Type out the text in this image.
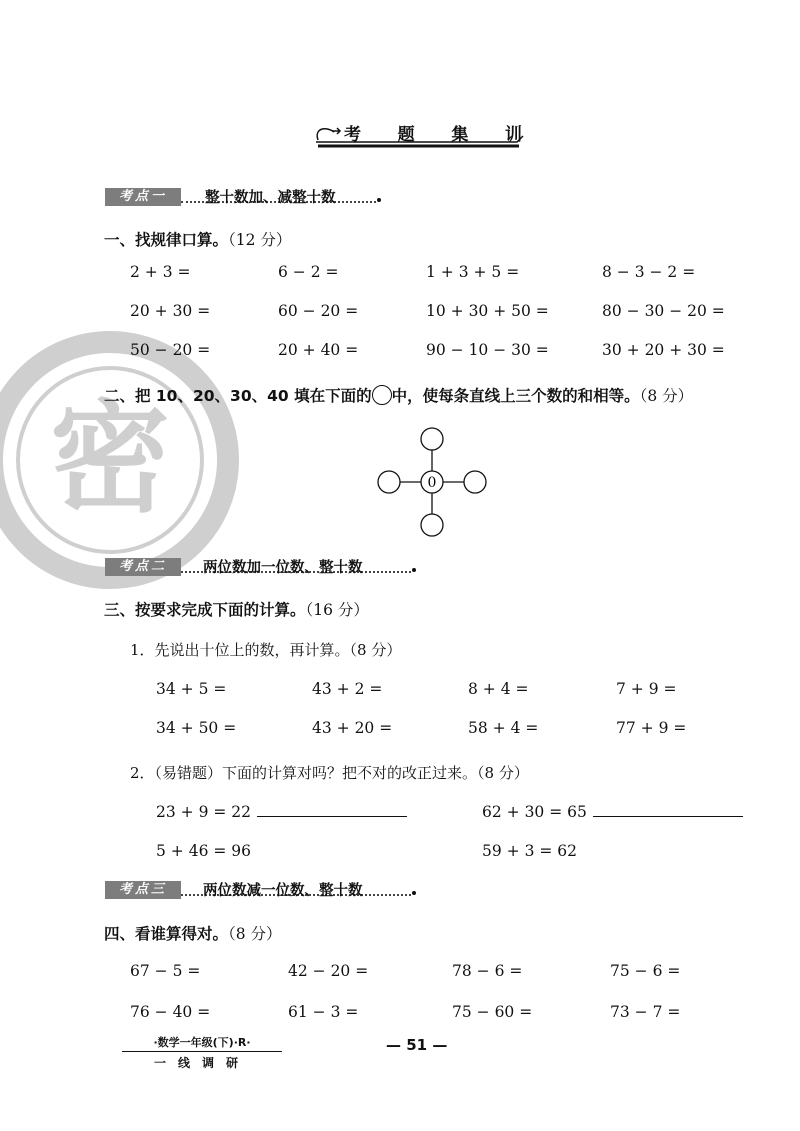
密
考 题 集 训
考点一	整十数加、减整十数
一、找规律口算。（12 分）
2 + 3 =	6 − 2 =	1 + 3 + 5 =	8 − 3 − 2 =
20 + 30 =	60 − 20 =	10 + 30 + 50 =	80 − 30 − 20 =
50 − 20 =	20 + 40 =	90 − 10 − 30 =	30 + 20 + 30 =
二、把 10、20、30、40 填在下面的 中，使每条直线上三个数的和相等。（8 分）
0
考点二	两位数加一位数、整十数
三、按要求完成下面的计算。（16 分）
1．先说出十位上的数，再计算。（8 分）
34 + 5 =	43 + 2 =	8 + 4 =	7 + 9 =
34 + 50 =	43 + 20 =	58 + 4 =	77 + 9 =
2．（易错题）下面的计算对吗？把不对的改正过来。（8 分）
23 + 9 = 22	62 + 30 = 65
5 + 46 = 96	59 + 3 = 62
考点三	两位数减一位数、整十数
四、看谁算得对。（8 分）
67 − 5 =	42 − 20 =	78 − 6 =	75 − 6 =
76 − 40 =	61 − 3 =	75 − 60 =	73 − 7 =
·数学一年级(下)·R·
一线调研
— 51 —
